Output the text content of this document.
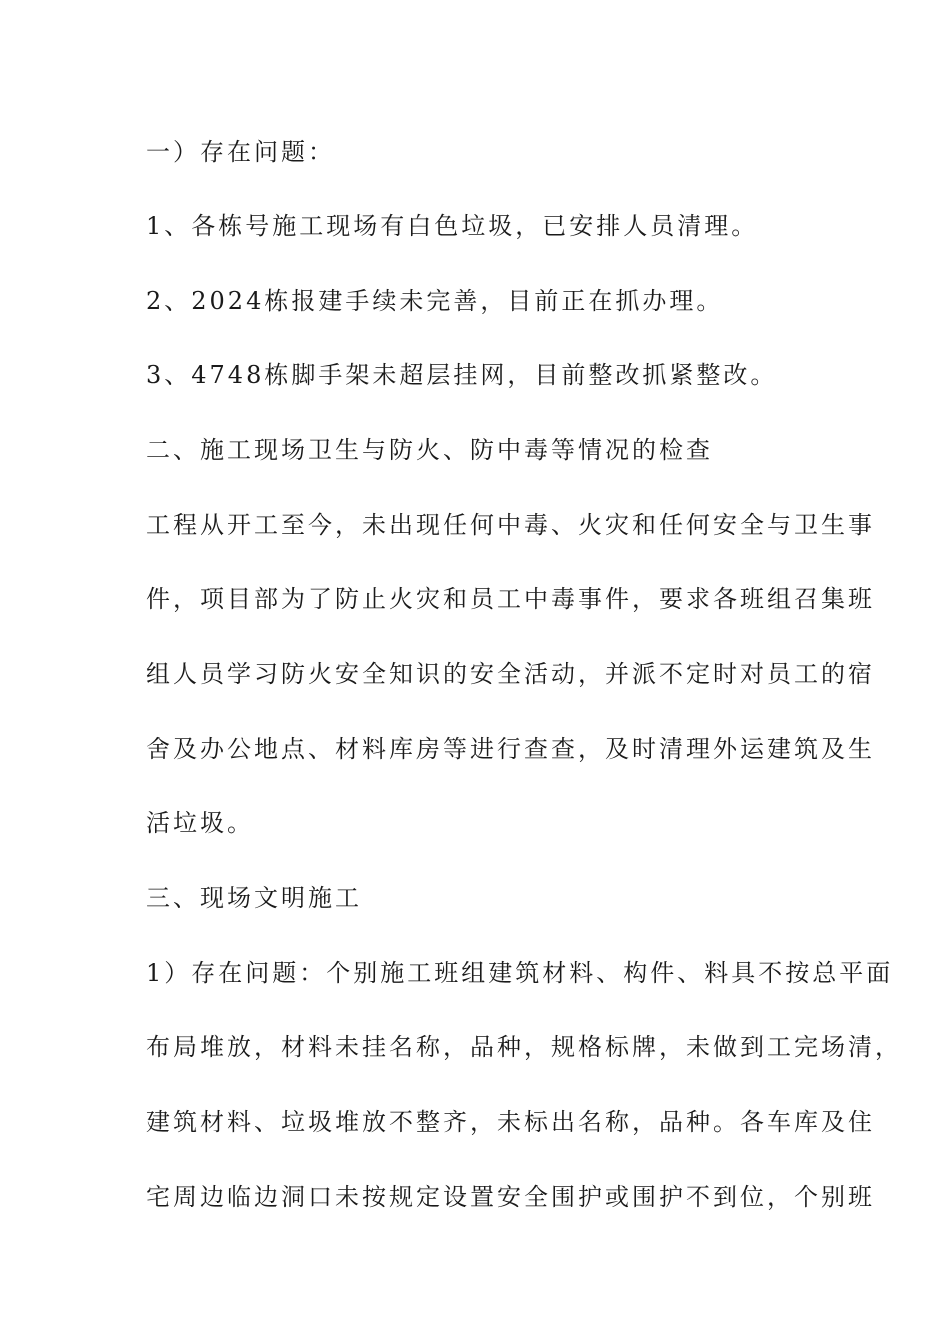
一）存在问题：
1、各栋号施工现场有白色垃圾，已安排人员清理。
2、2024栋报建手续未完善，目前正在抓办理。
3、4748栋脚手架未超层挂网，目前整改抓紧整改。
二、施工现场卫生与防火、防中毒等情况的检查
工程从开工至今，未出现任何中毒、火灾和任何安全与卫生事
件，项目部为了防止火灾和员工中毒事件，要求各班组召集班
组人员学习防火安全知识的安全活动，并派不定时对员工的宿
舍及办公地点、材料库房等进行查查，及时清理外运建筑及生
活垃圾。
三、现场文明施工
1）存在问题：个别施工班组建筑材料、构件、料具不按总平面
布局堆放，材料未挂名称，品种，规格标牌，未做到工完场清，
建筑材料、垃圾堆放不整齐，未标出名称，品种。各车库及住
宅周边临边洞口未按规定设置安全围护或围护不到位，个别班
